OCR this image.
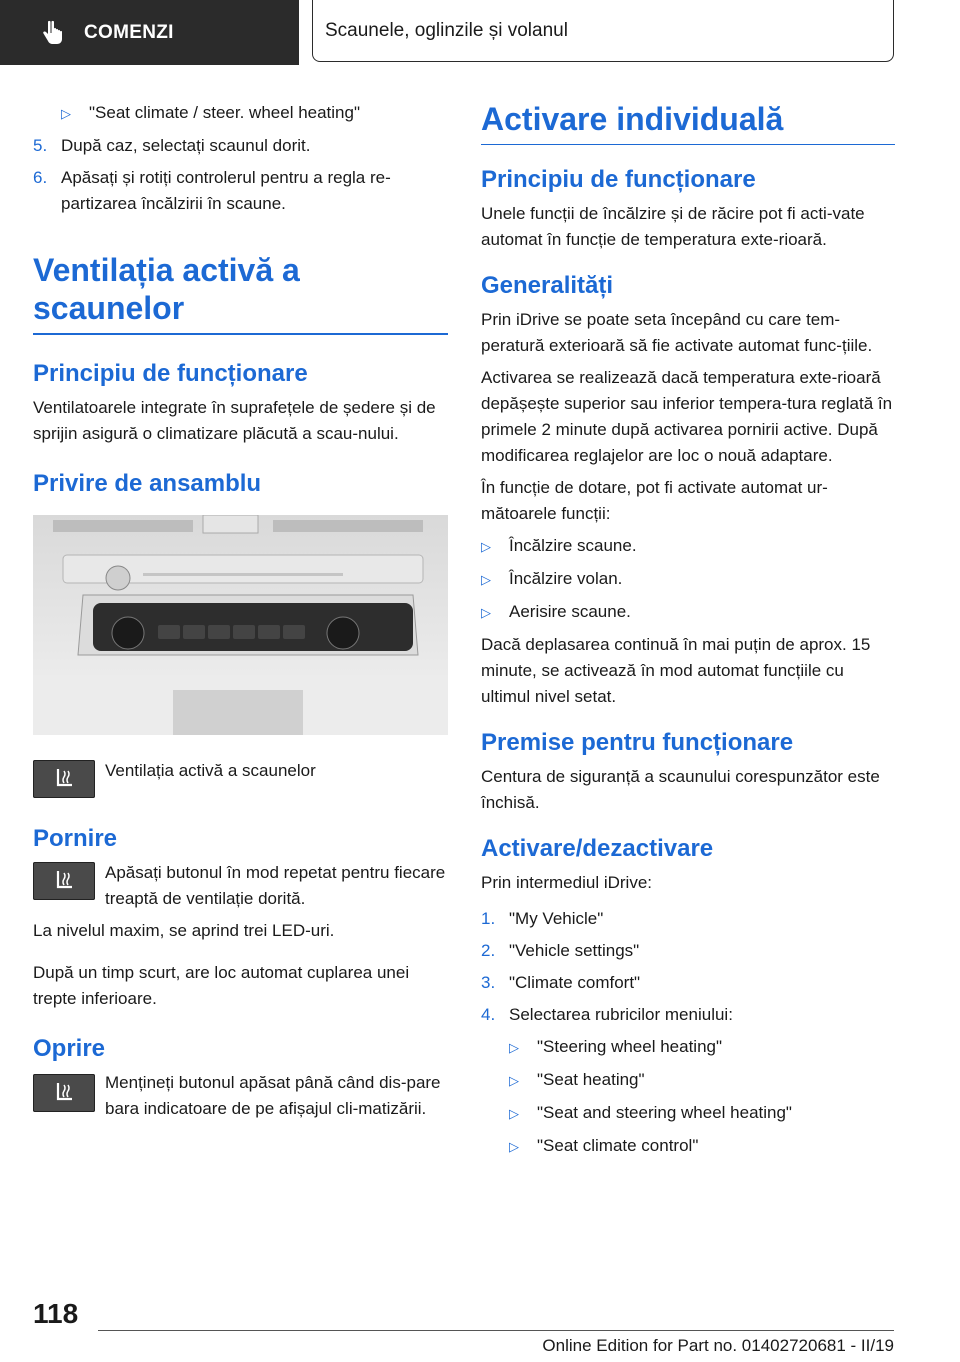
COMENZI	Scaunele, oglinzile și volanul
▷	"Seat climate / steer. wheel heating"
5. După caz, selectați scaunul dorit.
6. Apăsați și rotiți controlerul pentru a regla re-partizarea încălzirii în scaune.
Ventilația activă a scaunelor
Principiu de funcționare

Ventilatoarele integrate în suprafețele de ședere și de sprijin asigură o climatizare plăcută a scau-nului.

Privire de ansamblu

Ventilația activă a scaunelor

Pornire

Apăsați butonul în mod repetat pentru fiecare treaptă de ventilație dorită.

La nivelul maxim, se aprind trei LED-uri.

După un timp scurt, are loc automat cuplarea unei trepte inferioare.

Oprire

Mențineți butonul apăsat până când dis-pare bara indicatoare de pe afișajul cli-matizării.

Activare individuală
Principiu de funcționare

Unele funcții de încălzire și de răcire pot fi acti-vate automat în funcție de temperatura exte-rioară.

Generalități

Prin iDrive se poate seta începând cu care tem-peratură exterioară să fie activate automat func-țiile.

Activarea se realizează dacă temperatura exte-rioară depășește superior sau inferior tempera-tura reglată în primele 2 minute după activarea pornirii active. După modificarea reglajelor are loc o nouă adaptare.

În funcție de dotare, pot fi activate automat ur-mătoarele funcții:

▷	Încălzire scaune.
▷	Încălzire volan.
▷	Aerisire scaune.

Dacă deplasarea continuă în mai puțin de aprox. 15 minute, se activează în mod automat funcțiile cu ultimul nivel setat.

Premise pentru funcționare

Centura de siguranță a scaunului corespunzător este închisă.

Activare/dezactivare

Prin intermediul iDrive:

1. "My Vehicle"
2. "Vehicle settings"
3. "Climate comfort"
4. Selectarea rubricilor meniului:
▷	"Steering wheel heating"
▷	"Seat heating"
▷	"Seat and steering wheel heating"
▷	"Seat climate control"
118
Online Edition for Part no. 01402720681 - II/19
